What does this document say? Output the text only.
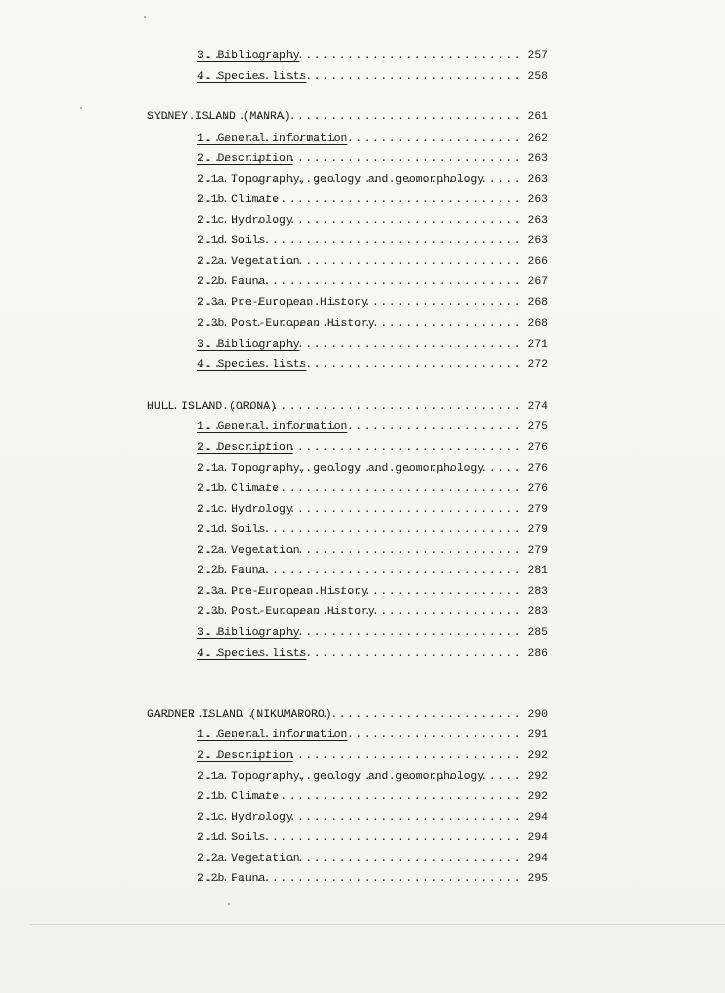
.....
3. Bibliography	257
.....
4. Species lists	258
.....
SYDNEY ISLAND (MANRA)	261
.....
1. General information	262
.....
2. Description	263
.....
2.1a Topography, geology and geomorphology	263
.....
2.1b Climate	263
.....
2.1c Hydrology	263
.....
2.1d Soils	263
.....
2.2a Vegetation	266
.....
2.2b Fauna	267
.....
2.3a Pre-European History	268
.....
2.3b Post-European History	268
.....
3. Bibliography	271
.....
4. Species lists	272
.....
HULL ISLAND (ORONA)	274
.....
1. General information	275
.....
2. Description	276
.....
2.1a Topography, geology and geomorphology	276
.....
2.1b Climate	276
.....
2.1c Hydrology	279
.....
2.1d Soils	279
.....
2.2a Vegetation	279
.....
2.2b Fauna	281
.....
2.3a Pre-European History	283
.....
2.3b Post-European History	283
.....
3. Bibliography	285
.....
4. Species lists	286
.....
GARDNER ISLAND (NIKUMARORO)	290
.....
1. General information	291
.....
2. Description	292
.....
2.1a Topography, geology and geomorphology	292
.....
2.1b Climate	292
.....
2.1c Hydrology	294
.....
2.1d Soils	294
.....
2.2a Vegetation	294
.....
2.2b Fauna	295
